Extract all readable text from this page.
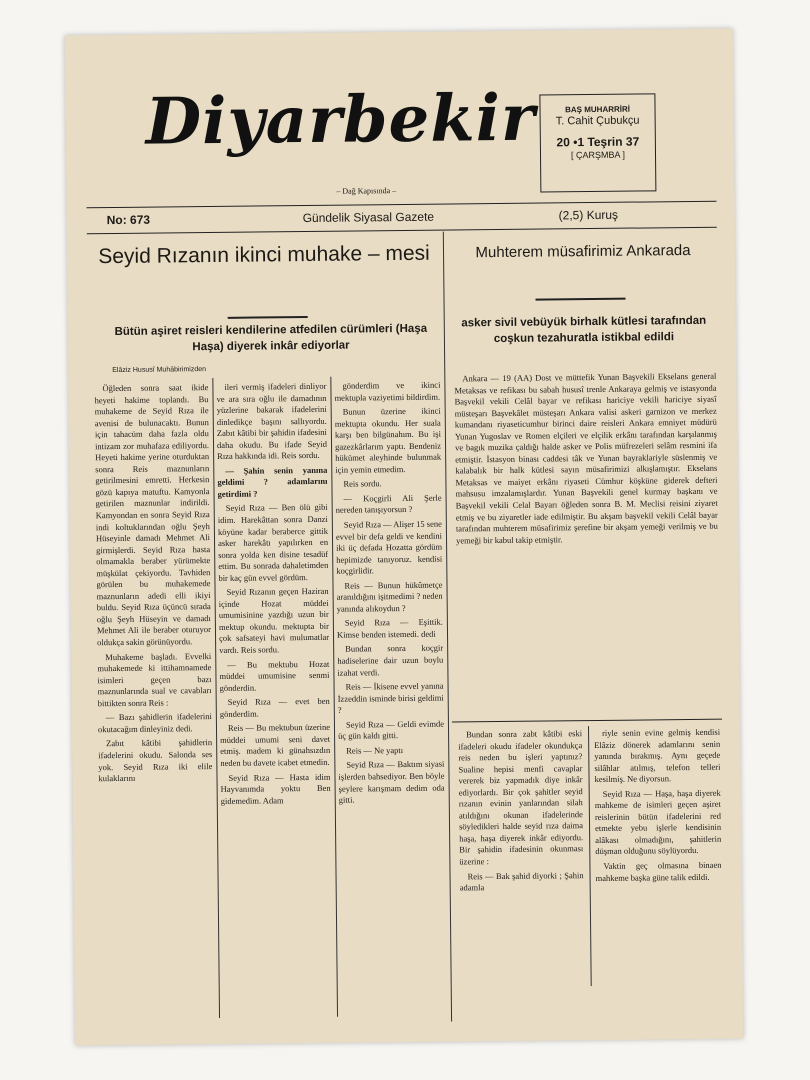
Diyarbekir
– Dağ Kapısında –
BAŞ MUHARRİRİ
T. Cahit Çubukçu
20 •1 Teşrin 37
[ ÇARŞMBA ]
No: 673	Gündelik Siyasal Gazete	(2,5) Kuruş
Seyid Rızanın ikinci muhake – mesi
Bütün aşiret reisleri kendilerine atfedilen cürümleri (Haşa Haşa) diyerek inkâr ediyorlar
Elâziz Hususî Muhâbirimizden

Öğleden sonra saat ikide heyeti hakime toplandı. Bu muhakeme de Seyid Rıza ile avenisi de bulunacaktı. Bunun için tahacüm daha fazla oldu intizam zor muhafaza ediliyordu. Heyeti hakime yerine oturduktan sonra Reis maznunların getirilmesini emretti. Herkesin gözü kapıya matuftu. Kamyonla getirilen maznunlar indirildi. Kamyondan en sonra Seyid Rıza indi koltuklarından oğlu Şeyh Hüseyinle damadı Mehmet Ali girmişlerdi. Seyid Rıza hasta olmamakla beraber yürümekte müşkülat çekiyordu. Tavhiden görülen bu muhakemede maznunların adedi elli ikiyi buldu. Seyid Rıza üçüncü sırada oğlu Şeyh Hüseyin ve damadı Mehmet Ali ile beraber oturuyor oldukça sakin görünüyordu.

Muhakeme başladı. Evvelki muhakemede ki ittihamnamede isimleri geçen bazı maznunlarında sual ve cavabları bittikten sonra Reis :

— Bazı şahidlerin ifadelerini okutacağım dinleyiniz dedi.

Zabıt kâtibi şahidlerin ifadelerini okudu. Salonda ses yok. Seyid Rıza iki elile kulaklarını

ileri vermiş ifadeleri dinliyor ve ara sıra oğlu ile damadının yüzlerine bakarak ifadelerini dinledikçe başını sallıyordu. Zabıt kâtibi bir şahidin ifadesini daha okudu. Bu ifade Seyid Rıza hakkında idi. Reis sordu.

— Şahin senin yanına geldimi ? adamlarını getirdimi ?

Seyid Rıza — Ben ölü gibi idim. Harekâttan sonra Danzi köyüne kadar beraberce gittik asker harekâtı yapılırken en sonra yolda ken disine tesadüf ettim. Bu sonrada dahaletimden bir kaç gün evvel gördüm.

Seyid Rızanın geçen Haziran içinde Hozat müddei umumisinine yazdığı uzun bir mektup okundu. mektupta bir çok safsateyi havi mulumatlar vardı. Reis sordu.

— Bu mektubu Hozat müddei umumisine senmi gönderdin.

Seyid Rıza — evet ben gönderdim.

Reis — Bu mektubun üzerine müddei umumi seni davet etmiş. madem ki günahsızdın neden bu davete icabet etmedin.

Seyid Rıza — Hasta idim Hayvanımda yoktu Ben gidemedim. Adam

gönderdim ve ikinci mektupla vaziyetimi bildirdim.

Bunun üzerine ikinci mektupta okundu. Her suala karşı ben bilgünahım. Bu işi gazezkârlarım yaptı. Bendeniz hükümet aleyhinde bulunmak için yemin etmedim.

Reis sordu.

— Koçgirli Ali Şerle nereden tanışıyorsun ?

Seyid Rıza — Alişer 15 sene evvel bir defa geldi ve kendini iki üç defada Hozatta gördüm hepimizde tanıyoruz. kendisi koçgirlidir.

Reis — Bunun hükûmetçe aranıldığını işitmedimi ? neden yanında alıkoydun ?

Seyid Rıza — Eşittik. Kimse benden istemedi. dedi

Bundan sonra koçgir hadiselerine dair uzun boylu izahat verdi.

Reis — İkisene evvel yanına İzzeddin isminde birisi geldimi ?

Seyid Rıza — Geldi evimde üç gün kaldı gitti.

Reis — Ne yaptı

Seyid Rıza — Baktım siyasi işlerden bahsediyor. Ben böyle şeylere karışmam dedim oda gitti.

Muhterem müsafirimiz Ankarada
asker sivil vebüyük birhalk kütlesi tarafından coşkun tezahuratla istikbal edildi

Ankara — 19 (AA) Dost ve müttefik Yunan Başvekili Ekselans general Metaksas ve refikası bu sabah hususî trenle Ankaraya gelmiş ve istasyonda Başvekil vekili Celâl bayar ve refikası hariciye vekili hariciye siyasî müsteşarı Başvekâlet müsteşarı Ankara valisi askeri garnizon ve merkez kumandanı riyaseticumhur birinci daire reisleri Ankara emniyet müdürü Yunan Yugoslav ve Romen elçileri ve elçilik erkânı tarafından karşılanmış ve bagık muzika çaldığı halde asker ve Polis müfrezeleri selâm resmini ifa etmiştir. İstasyon binası caddesi tâk ve Yunan bayraklariyle süslenmiş ve kalabalık bir halk kütlesi sayın müsafirimizi alkışlamıştır. Ekselans Metaksas ve maiyet erkânı riyaseti Cümhur köşküne giderek defteri mahsusu imzalamışlardır. Yunan Başvekili genel kurmay başkanı ve Başvekil vekili Celal Bayarı öğleden sonra B. M. Meclisi reisini ziyaret etmiş ve bu ziyaretler iade edilmiştir. Bu akşam başvekil vekili Celâl bayar tarafından muhterem müsafirimiz şerefine bir akşam yemeği verilmiş ve bu yemeği bir kabul takip etmiştir.

Bundan sonra zabt kâtibi eski ifadeleri okudu ifadeler okundukça reis neden bu işleri yaptınız? Sualine hepisi menfi cavaplar vererek biz yapmadık diye inkâr ediyorlardı. Bir çok şahitler seyid rızanın evinin yanlarından silah atıldığını okunan ifadelerinde söyledikleri halde seyid rıza daima haşa, haşa diyerek inkâr ediyordu. Bir şahidin ifadesinin okunması üzerine :

Reis — Bak şahid diyorki ; Şahin adamla

riyle senin evine gelmiş kendisi Elâziz dönerek adamlarını senin yanında bırakmış. Aynı geçede silâhlar atılmış, telefon telleri kesilmiş. Ne diyorsun.

Seyid Rıza — Haşa, haşa diyerek mahkeme de isimleri geçen aşiret reislerinin bütün ifadelerini red etmekte yebu işlerle kendisinin alâkası olmadığını, şahitlerin düşman olduğunu söylüyordu.

Vaktin geç olmasına binaen mahkeme başka güne talik edildi.
